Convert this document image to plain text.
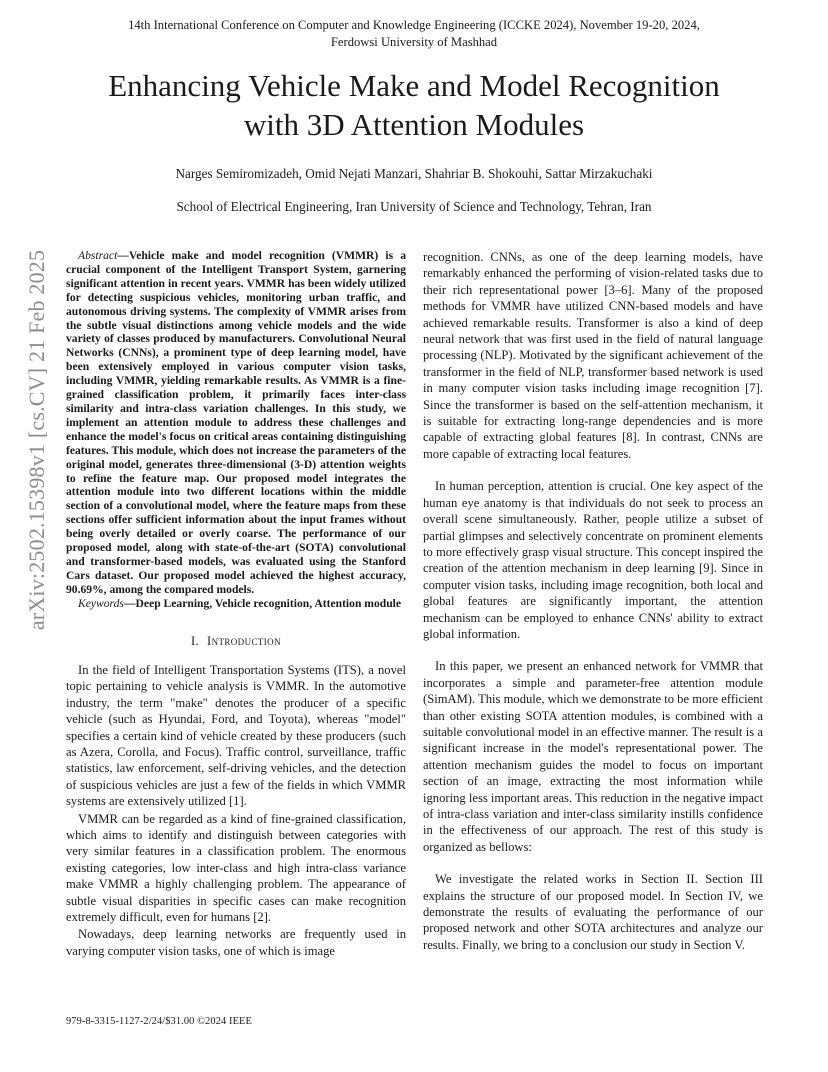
14th International Conference on Computer and Knowledge Engineering (ICCKE 2024), November 19-20, 2024,
Ferdowsi University of Mashhad
Enhancing Vehicle Make and Model Recognition
with 3D Attention Modules
Narges Semiromizadeh, Omid Nejati Manzari, Shahriar B. Shokouhi, Sattar Mirzakuchaki
School of Electrical Engineering, Iran University of Science and Technology, Tehran, Iran
arXiv:2502.15398v1 [cs.CV] 21 Feb 2025	Abstract—Vehicle make and model recognition (VMMR) is a crucial component of the Intelligent Transport System, garnering significant attention in recent years. VMMR has been widely utilized for detecting suspicious vehicles, monitoring urban traffic, and autonomous driving systems. The complexity of VMMR arises from the subtle visual distinctions among vehicle models and the wide variety of classes produced by manufacturers. Convolutional Neural Networks (CNNs), a prominent type of deep learning model, have been extensively employed in various computer vision tasks, including VMMR, yielding remarkable results. As VMMR is a fine-grained classification problem, it primarily faces inter-class similarity and intra-class variation challenges. In this study, we implement an attention module to address these challenges and enhance the model's focus on critical areas containing distinguishing features. This module, which does not increase the parameters of the original model, generates three-dimensional (3-D) attention weights to refine the feature map. Our proposed model integrates the attention module into two different locations within the middle section of a convolutional model, where the feature maps from these sections offer sufficient information about the input frames without being overly detailed or overly coarse. The performance of our proposed model, along with state-of-the-art (SOTA) convolutional and transformer-based models, was evaluated using the Stanford Cars dataset. Our proposed model achieved the highest accuracy, 90.69%, among the compared models.

Keywords—Deep Learning, Vehicle recognition, Attention module

I. Introduction

In the field of Intelligent Transportation Systems (ITS), a novel topic pertaining to vehicle analysis is VMMR. In the automotive industry, the term "make" denotes the producer of a specific vehicle (such as Hyundai, Ford, and Toyota), whereas "model" specifies a certain kind of vehicle created by these producers (such as Azera, Corolla, and Focus). Traffic control, surveillance, traffic statistics, law enforcement, self-driving vehicles, and the detection of suspicious vehicles are just a few of the fields in which VMMR systems are extensively utilized [1].

VMMR can be regarded as a kind of fine-grained classification, which aims to identify and distinguish between categories with very similar features in a classification problem. The enormous existing categories, low inter-class and high intra-class variance make VMMR a highly challenging problem. The appearance of subtle visual disparities in specific cases can make recognition extremely difficult, even for humans [2].

Nowadays, deep learning networks are frequently used in varying computer vision tasks, one of which is image

recognition. CNNs, as one of the deep learning models, have remarkably enhanced the performing of vision-related tasks due to their rich representational power [3–6]. Many of the proposed methods for VMMR have utilized CNN-based models and have achieved remarkable results. Transformer is also a kind of deep neural network that was first used in the field of natural language processing (NLP). Motivated by the significant achievement of the transformer in the field of NLP, transformer based network is used in many computer vision tasks including image recognition [7]. Since the transformer is based on the self-attention mechanism, it is suitable for extracting long-range dependencies and is more capable of extracting global features [8]. In contrast, CNNs are more capable of extracting local features.

In human perception, attention is crucial. One key aspect of the human eye anatomy is that individuals do not seek to process an overall scene simultaneously. Rather, people utilize a subset of partial glimpses and selectively concentrate on prominent elements to more effectively grasp visual structure. This concept inspired the creation of the attention mechanism in deep learning [9]. Since in computer vision tasks, including image recognition, both local and global features are significantly important, the attention mechanism can be employed to enhance CNNs' ability to extract global information.

In this paper, we present an enhanced network for VMMR that incorporates a simple and parameter-free attention module (SimAM). This module, which we demonstrate to be more efficient than other existing SOTA attention modules, is combined with a suitable convolutional model in an effective manner. The result is a significant increase in the model's representational power. The attention mechanism guides the model to focus on important section of an image, extracting the most information while ignoring less important areas. This reduction in the negative impact of intra-class variation and inter-class similarity instills confidence in the effectiveness of our approach. The rest of this study is organized as bellows:

We investigate the related works in Section II. Section III explains the structure of our proposed model. In Section IV, we demonstrate the results of evaluating the performance of our proposed network and other SOTA architectures and analyze our results. Finally, we bring to a conclusion our study in Section V.

979-8-3315-1127-2/24/$31.00 ©2024 IEEE
